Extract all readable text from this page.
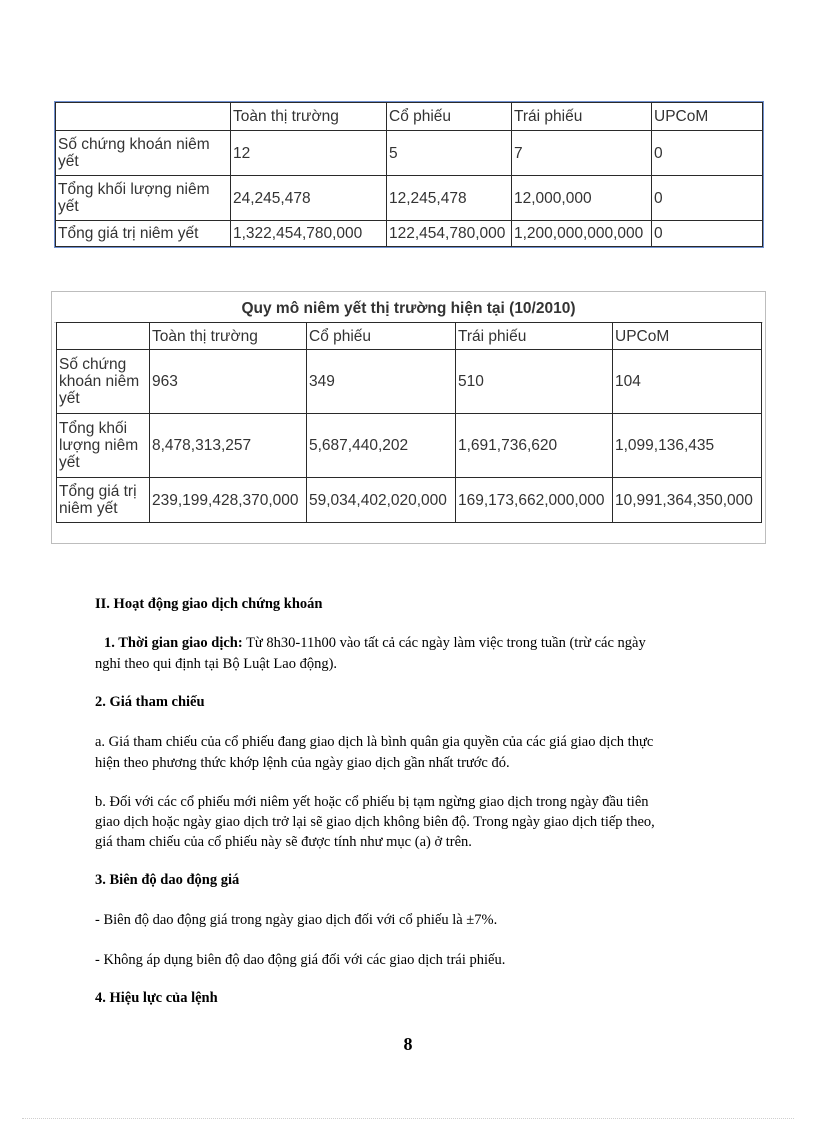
	Toàn thị trường	Cổ phiếu	Trái phiếu	UPCoM
Số chứng khoán niêm yết	12	5	7	0
Tổng khối lượng niêm yết	24,245,478	12,245,478	12,000,000	0
Tổng giá trị niêm yết	1,322,454,780,000	122,454,780,000	1,200,000,000,000	0
Quy mô niêm yết thị trường hiện tại (10/2010)
	Toàn thị trường	Cổ phiếu	Trái phiếu	UPCoM
Số chứng khoán niêm yết	963	349	510	104
Tổng khối lượng niêm yết	8,478,313,257	5,687,440,202	1,691,736,620	1,099,136,435
Tổng giá trị niêm yết	239,199,428,370,000	59,034,402,020,000	169,173,662,000,000	10,991,364,350,000
II. Hoạt động giao dịch chứng khoán
1. Thời gian giao dịch: Từ 8h30-11h00 vào tất cả các ngày làm việc trong tuần (trừ các ngày
nghỉ theo qui định tại Bộ Luật Lao động).
2. Giá tham chiếu
a. Giá tham chiếu của cổ phiếu đang giao dịch là bình quân gia quyền của các giá giao dịch thực
hiện theo phương thức khớp lệnh của ngày giao dịch gần nhất trước đó.
b. Đối với các cổ phiếu mới niêm yết hoặc cổ phiếu bị tạm ngừng giao dịch trong ngày đầu tiên
giao dịch hoặc ngày giao dịch trở lại sẽ giao dịch không biên độ. Trong ngày giao dịch tiếp theo,
giá tham chiếu của cổ phiếu này sẽ được tính như mục (a) ở trên.
3. Biên độ dao động giá
- Biên độ dao động giá trong ngày giao dịch đối với cổ phiếu là ±7%.
- Không áp dụng biên độ dao động giá đối với các giao dịch trái phiếu.
4. Hiệu lực của lệnh
8
